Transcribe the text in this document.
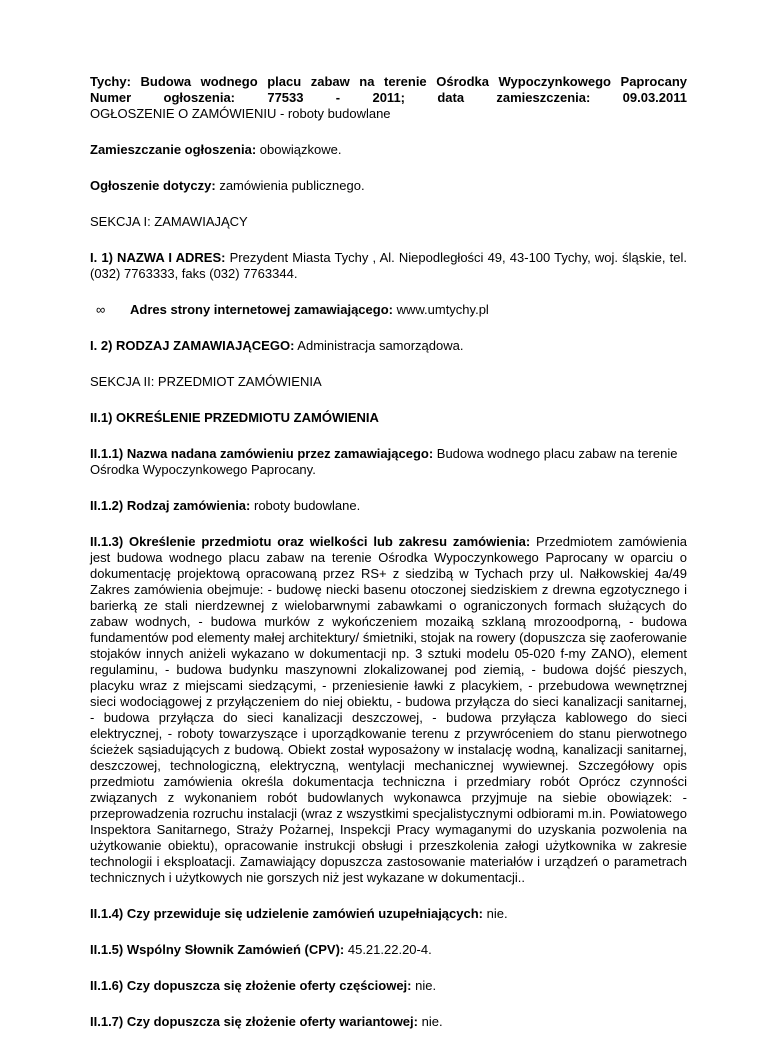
Tychy: Budowa wodnego placu zabaw na terenie Ośrodka Wypoczynkowego Paprocany
Numer ogłoszenia: 77533 - 2011; data zamieszczenia: 09.03.2011
OGŁOSZENIE O ZAMÓWIENIU - roboty budowlane

Zamieszczanie ogłoszenia: obowiązkowe.

Ogłoszenie dotyczy: zamówienia publicznego.

SEKCJA I: ZAMAWIAJĄCY

I. 1) NAZWA I ADRES: Prezydent Miasta Tychy , Al. Niepodległości 49, 43-100 Tychy, woj. śląskie, tel. (032) 7763333, faks (032) 7763344.

∞	Adres strony internetowej zamawiającego: www.umtychy.pl

I. 2) RODZAJ ZAMAWIAJĄCEGO: Administracja samorządowa.

SEKCJA II: PRZEDMIOT ZAMÓWIENIA

II.1) OKREŚLENIE PRZEDMIOTU ZAMÓWIENIA

II.1.1) Nazwa nadana zamówieniu przez zamawiającego: Budowa wodnego placu zabaw na terenie Ośrodka Wypoczynkowego Paprocany.

II.1.2) Rodzaj zamówienia: roboty budowlane.

II.1.3) Określenie przedmiotu oraz wielkości lub zakresu zamówienia: Przedmiotem zamówienia jest budowa wodnego placu zabaw na terenie Ośrodka Wypoczynkowego Paprocany w oparciu o dokumentację projektową opracowaną przez RS+ z siedzibą w Tychach przy ul. Nałkowskiej 4a/49 Zakres zamówienia obejmuje: - budowę niecki basenu otoczonej siedziskiem z drewna egzotycznego i barierką ze stali nierdzewnej z wielobarwnymi zabawkami o ograniczonych formach służących do zabaw wodnych, - budowa murków z wykończeniem mozaiką szklaną mrozoodporną, - budowa fundamentów pod elementy małej architektury/ śmietniki, stojak na rowery (dopuszcza się zaoferowanie stojaków innych aniżeli wykazano w dokumentacji np. 3 sztuki modelu 05-020 f-my ZANO), element regulaminu, - budowa budynku maszynowni zlokalizowanej pod ziemią, - budowa dojść pieszych, placyku wraz z miejscami siedzącymi, - przeniesienie ławki z placykiem, - przebudowa wewnętrznej sieci wodociągowej z przyłączeniem do niej obiektu, - budowa przyłącza do sieci kanalizacji sanitarnej, - budowa przyłącza do sieci kanalizacji deszczowej, - budowa przyłącza kablowego do sieci elektrycznej, - roboty towarzyszące i uporządkowanie terenu z przywróceniem do stanu pierwotnego ścieżek sąsiadujących z budową. Obiekt został wyposażony w instalację wodną, kanalizacji sanitarnej, deszczowej, technologiczną, elektryczną, wentylacji mechanicznej wywiewnej. Szczegółowy opis przedmiotu zamówienia określa dokumentacja techniczna i przedmiary robót Oprócz czynności związanych z wykonaniem robót budowlanych wykonawca przyjmuje na siebie obowiązek: - przeprowadzenia rozruchu instalacji (wraz z wszystkimi specjalistycznymi odbiorami m.in. Powiatowego Inspektora Sanitarnego, Straży Pożarnej, Inspekcji Pracy wymaganymi do uzyskania pozwolenia na użytkowanie obiektu), opracowanie instrukcji obsługi i przeszkolenia załogi użytkownika w zakresie technologii i eksploatacji. Zamawiający dopuszcza zastosowanie materiałów i urządzeń o parametrach technicznych i użytkowych nie gorszych niż jest wykazane w dokumentacji..

II.1.4) Czy przewiduje się udzielenie zamówień uzupełniających: nie.

II.1.5) Wspólny Słownik Zamówień (CPV): 45.21.22.20-4.

II.1.6) Czy dopuszcza się złożenie oferty częściowej: nie.

II.1.7) Czy dopuszcza się złożenie oferty wariantowej: nie.
